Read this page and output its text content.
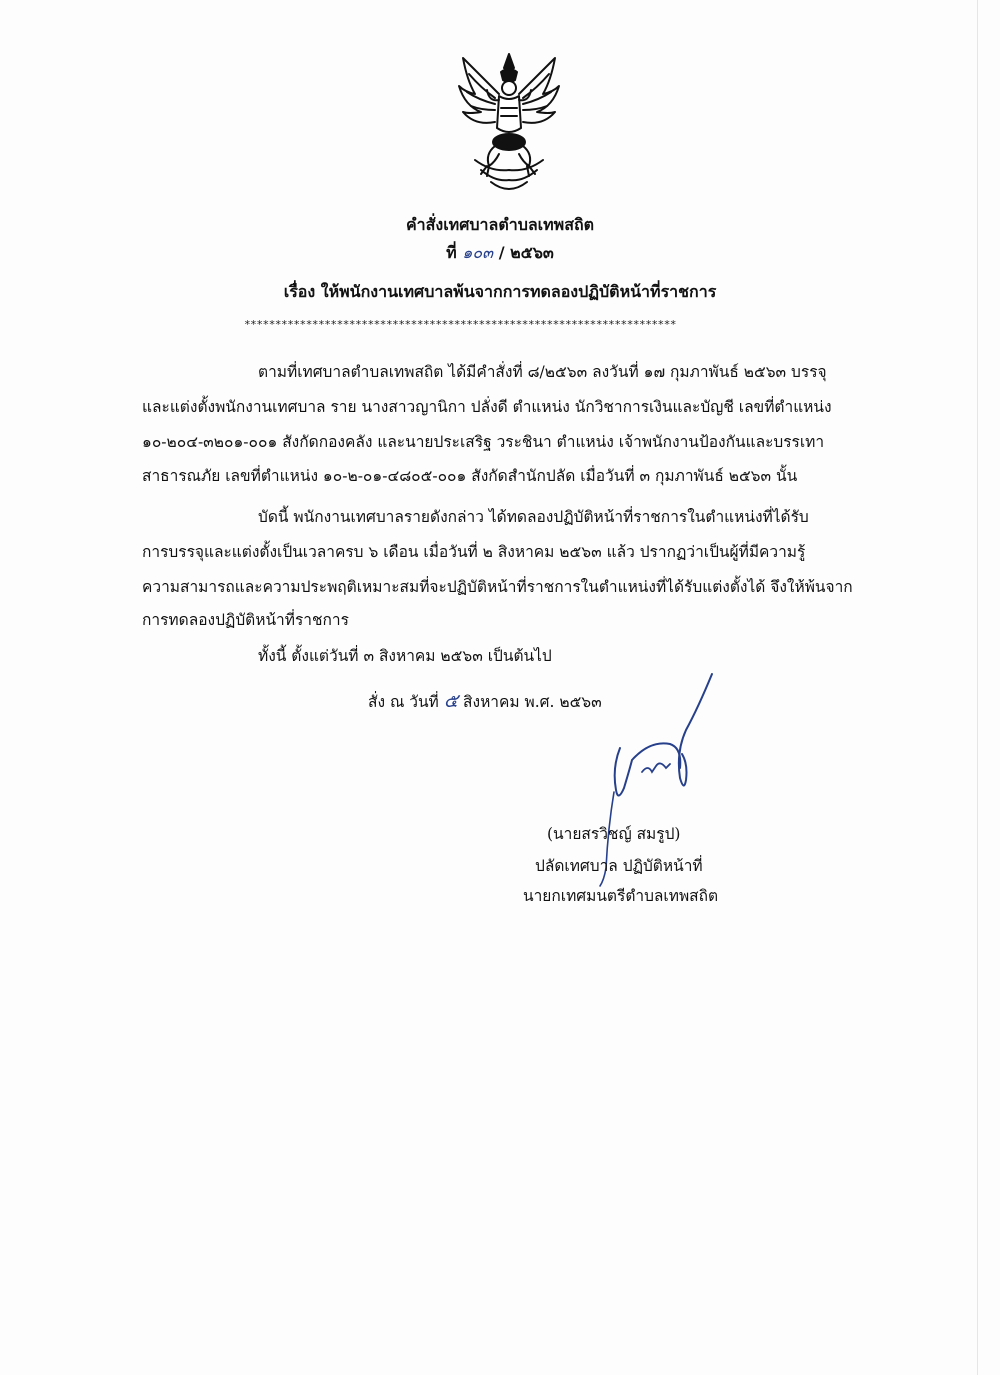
คำสั่งเทศบาลตำบลเทพสถิต
ที่ ๑๐๓ / ๒๕๖๓
เรื่อง ให้พนักงานเทศบาลพ้นจากการทดลองปฏิบัติหน้าที่ราชการ
**********************************************************************
ตามที่เทศบาลตำบลเทพสถิต ได้มีคำสั่งที่ ๘/๒๕๖๓ ลงวันที่ ๑๗ กุมภาพันธ์ ๒๕๖๓ บรรจุ
และแต่งตั้งพนักงานเทศบาล ราย นางสาวญานิกา ปลั่งดี ตำแหน่ง นักวิชาการเงินและบัญชี เลขที่ตำแหน่ง
๑๐-๒๐๔-๓๒๐๑-๐๐๑ สังกัดกองคลัง และนายประเสริฐ วระชินา ตำแหน่ง เจ้าพนักงานป้องกันและบรรเทา
สาธารณภัย เลขที่ตำแหน่ง ๑๐-๒-๐๑-๔๘๐๕-๐๐๑ สังกัดสำนักปลัด เมื่อวันที่ ๓ กุมภาพันธ์ ๒๕๖๓ นั้น
บัดนี้ พนักงานเทศบาลรายดังกล่าว ได้ทดลองปฏิบัติหน้าที่ราชการในตำแหน่งที่ได้รับ
การบรรจุและแต่งตั้งเป็นเวลาครบ ๖ เดือน เมื่อวันที่ ๒ สิงหาคม ๒๕๖๓ แล้ว ปรากฏว่าเป็นผู้ที่มีความรู้
ความสามารถและความประพฤติเหมาะสมที่จะปฏิบัติหน้าที่ราชการในตำแหน่งที่ได้รับแต่งตั้งได้ จึงให้พ้นจาก
การทดลองปฏิบัติหน้าที่ราชการ
ทั้งนี้ ตั้งแต่วันที่ ๓ สิงหาคม ๒๕๖๓ เป็นต้นไป
สั่ง ณ วันที่ ๕ สิงหาคม พ.ศ. ๒๕๖๓
(นายสรวิชญ์ สมรูป)
ปลัดเทศบาล ปฏิบัติหน้าที่
นายกเทศมนตรีตำบลเทพสถิต
